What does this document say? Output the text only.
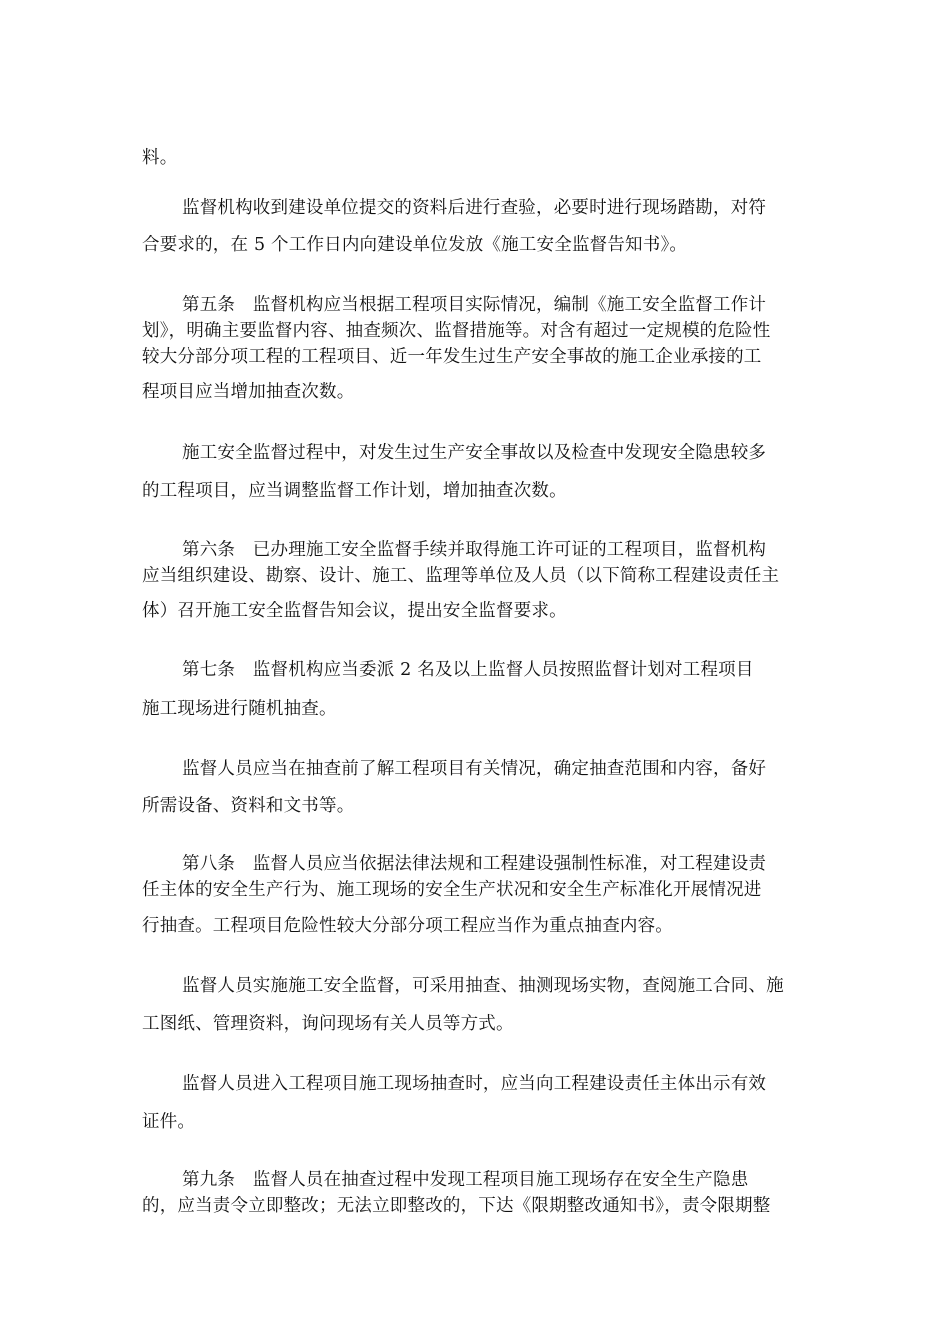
料。
监督机构收到建设单位提交的资料后进行查验，必要时进行现场踏勘，对符
合要求的，在 5 个工作日内向建设单位发放《施工安全监督告知书》。
第五条　监督机构应当根据工程项目实际情况，编制《施工安全监督工作计
划》，明确主要监督内容、抽查频次、监督措施等。对含有超过一定规模的危险性
较大分部分项工程的工程项目、近一年发生过生产安全事故的施工企业承接的工
程项目应当增加抽查次数。
施工安全监督过程中，对发生过生产安全事故以及检查中发现安全隐患较多
的工程项目，应当调整监督工作计划，增加抽查次数。
第六条　已办理施工安全监督手续并取得施工许可证的工程项目，监督机构
应当组织建设、勘察、设计、施工、监理等单位及人员（以下简称工程建设责任主
体）召开施工安全监督告知会议，提出安全监督要求。
第七条　监督机构应当委派 2 名及以上监督人员按照监督计划对工程项目
施工现场进行随机抽查。
监督人员应当在抽查前了解工程项目有关情况，确定抽查范围和内容，备好
所需设备、资料和文书等。
第八条　监督人员应当依据法律法规和工程建设强制性标准，对工程建设责
任主体的安全生产行为、施工现场的安全生产状况和安全生产标准化开展情况进
行抽查。工程项目危险性较大分部分项工程应当作为重点抽查内容。
监督人员实施施工安全监督，可采用抽查、抽测现场实物，查阅施工合同、施
工图纸、管理资料，询问现场有关人员等方式。
监督人员进入工程项目施工现场抽查时，应当向工程建设责任主体出示有效
证件。
第九条　监督人员在抽查过程中发现工程项目施工现场存在安全生产隐患
的，应当责令立即整改；无法立即整改的，下达《限期整改通知书》，责令限期整
